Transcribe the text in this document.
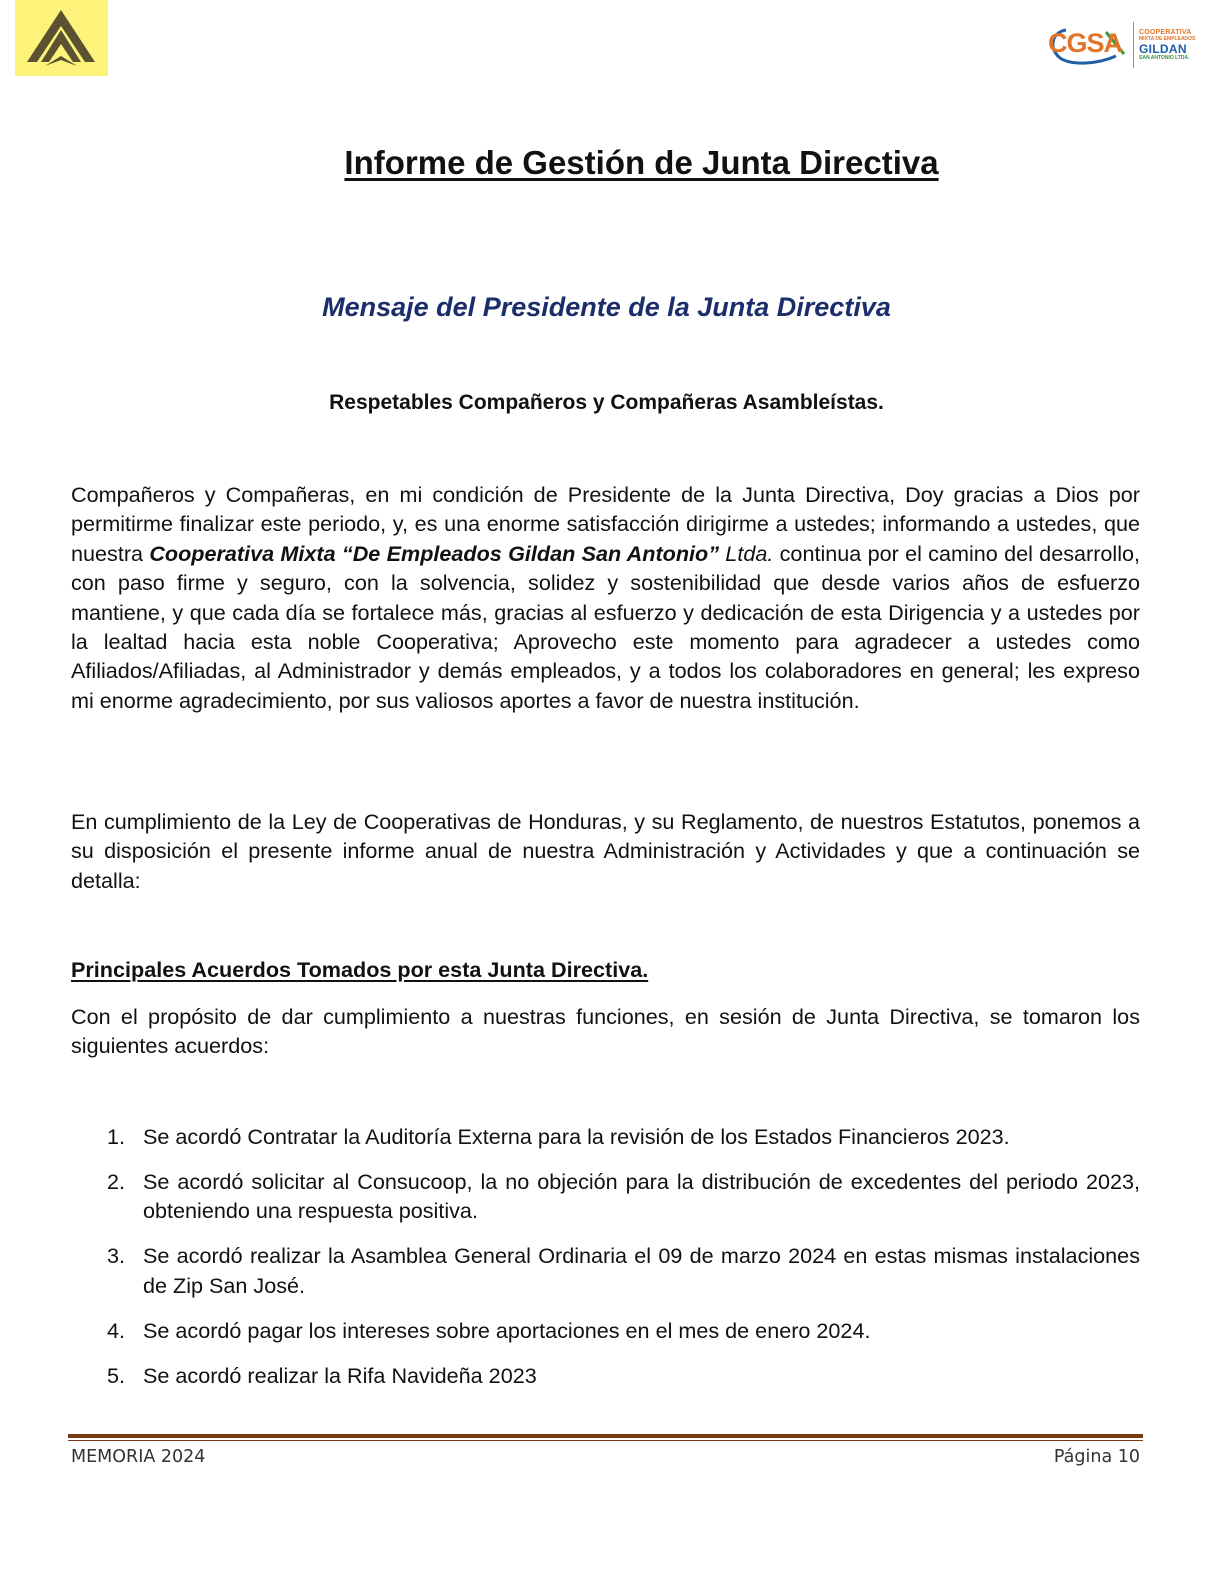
CGSA COOPERATIVA
MIXTA DE EMPLEADOS
GILDAN
SAN ANTONIO LTDA.
Informe de Gestión de Junta Directiva
Mensaje del Presidente de la Junta Directiva

Respetables Compañeros y Compañeras Asambleístas.

Compañeros y Compañeras, en mi condición de Presidente de la Junta Directiva, Doy gracias a Dios por permitirme finalizar este periodo, y, es una enorme satisfacción dirigirme a ustedes; informando a ustedes, que nuestra Cooperativa Mixta “De Empleados Gildan San Antonio” Ltda. continua por el camino del desarrollo, con paso firme y seguro, con la solvencia, solidez y sostenibilidad que desde varios años de esfuerzo mantiene, y que cada día se fortalece más, gracias al esfuerzo y dedicación de esta Dirigencia y a ustedes por la lealtad hacia esta noble Cooperativa; Aprovecho este momento para agradecer a ustedes como Afiliados/Afiliadas, al Administrador y demás empleados, y a todos los colaboradores en general; les expreso mi enorme agradecimiento, por sus valiosos aportes a favor de nuestra institución.

En cumplimiento de la Ley de Cooperativas de Honduras, y su Reglamento, de nuestros Estatutos, ponemos a su disposición el presente informe anual de nuestra Administración y Actividades y que a continuación se detalla:

Principales Acuerdos Tomados por esta Junta Directiva.

Con el propósito de dar cumplimiento a nuestras funciones, en sesión de Junta Directiva, se tomaron los siguientes acuerdos:

1. Se acordó Contratar la Auditoría Externa para la revisión de los Estados Financieros 2023.
2. Se acordó solicitar al Consucoop, la no objeción para la distribución de excedentes del periodo 2023, obteniendo una respuesta positiva.
3. Se acordó realizar la Asamblea General Ordinaria el 09 de marzo 2024 en estas mismas instalaciones de Zip San José.
4. Se acordó pagar los intereses sobre aportaciones en el mes de enero 2024.
5. Se acordó realizar la Rifa Navideña 2023
MEMORIA 2024	Página 10
